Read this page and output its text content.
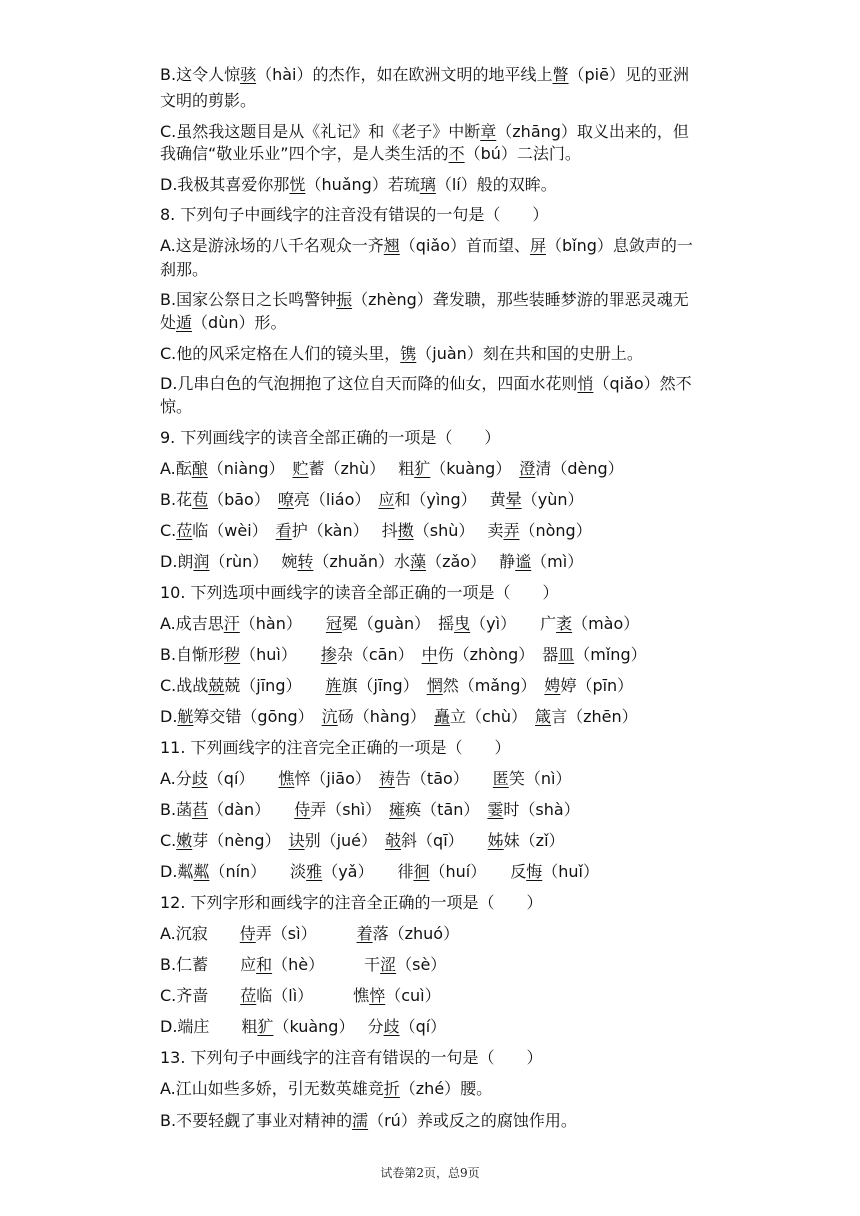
B.这令人惊骇（hài）的杰作，如在欧洲文明的地平线上瞥（piē）见的亚洲
文明的剪影。
C.虽然我这题目是从《礼记》和《老子》中断章（zhāng）取义出来的，但
我确信“敬业乐业”四个字，是人类生活的不（bú）二法门。
D.我极其喜爱你那恍（huǎng）若琉璃（lí）般的双眸。
8. 下列句子中画线字的注音没有错误的一句是（　　）
A.这是游泳场的八千名观众一齐翘（qiǎo）首而望、屏（bǐng）息敛声的一
刹那。
B.国家公祭日之长鸣警钟振（zhèng）聋发聩，那些装睡梦游的罪恶灵魂无
处遁（dùn）形。
C.他的风采定格在人们的镜头里，镌（juàn）刻在共和国的史册上。
D.几串白色的气泡拥抱了这位自天而降的仙女，四面水花则悄（qiǎo）然不
惊。
9. 下列画线字的读音全部正确的一项是（　　）
A.酝酿（niàng）　贮蓄（zhù）　 粗犷（kuàng）　澄清（dèng）
B.花苞（bāo）　嘹亮（liáo）　应和（yìng）　 黄晕（yùn）
C.莅临（wèi）　看护（kàn）　 抖擞（shù）　 卖弄（nòng）
D.朗润（rùn）　 婉转（zhuǎn）水藻（zǎo）　 静谧（mì）
10. 下列选项中画线字的读音全部正确的一项是（　　）
A.成吉思汗（hàn）　　冠冕（guàn）　摇曳（yì）　　广袤（mào）
B.自惭形秽（huì）　　掺杂（cān）　中伤（zhòng）　器皿（mǐng）
C.战战兢兢（jīng）　　旌旗（jīng）　惘然（mǎng）　娉婷（pīn）
D.觥筹交错（gōng）　沆砀（hàng）　矗立（chù）　箴言（zhēn）
11. 下列画线字的注音完全正确的一项是（　　）
A.分歧（qí）　　憔悴（jiāo）　祷告（tāo）　　匿笑（nì）
B.菡萏（dàn）　　侍弄（shì）　瘫痪（tān）　霎时（shà）
C.嫩芽（nèng）　诀别（jué）　攲斜（qī）　　姊妹（zǐ）
D.粼粼（nín）　　淡雅（yǎ）　　徘徊（huí）　　反悔（huǐ）
12. 下列字形和画线字的注音全正确的一项是（　　）
A.沉寂　　侍弄（sì）　　　着落（zhuó）
B.仁蓄　　应和（hè）　　　干涩（sè）
C.齐啬　　莅临（lì）　　　憔悴（cuì）
D.端庄　　粗犷（kuàng）　 分歧（qí）
13. 下列句子中画线字的注音有错误的一句是（　　）
A.江山如些多娇，引无数英雄竞折（zhé）腰。
B.不要轻觑了事业对精神的濡（rú）养或反之的腐蚀作用。
试卷第2页，总9页
